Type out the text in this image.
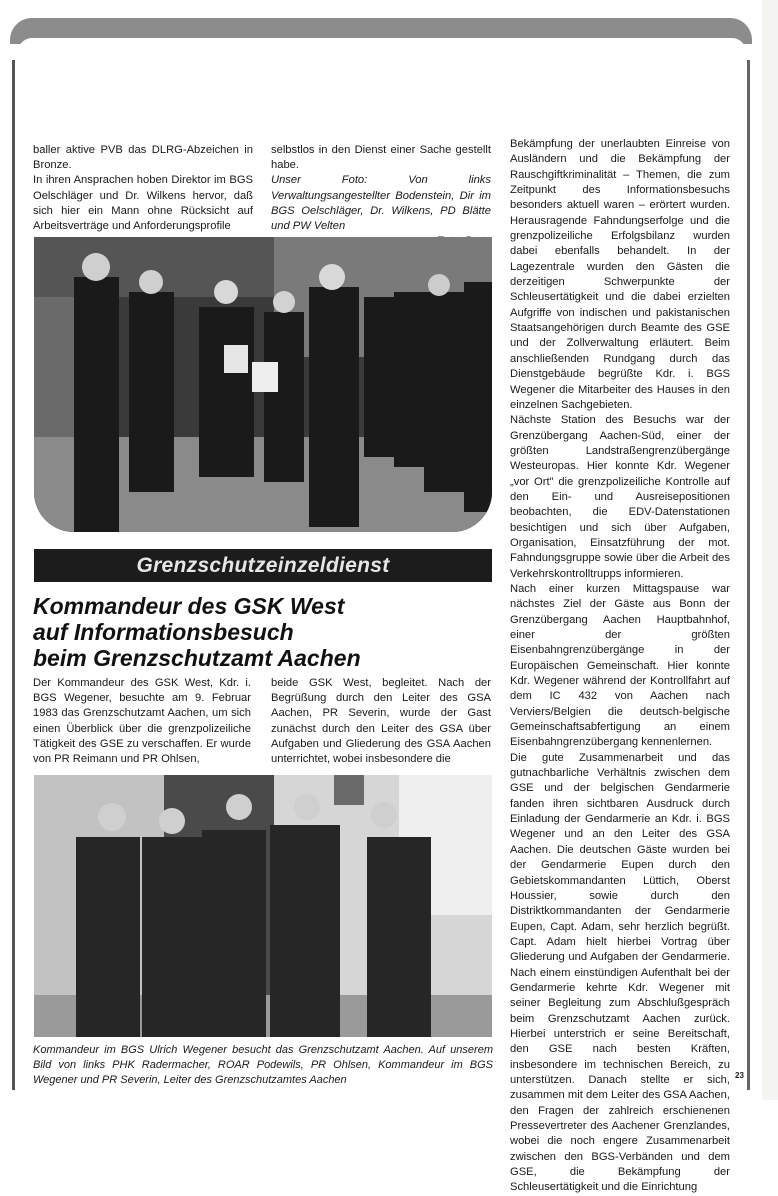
baller aktive PVB das DLRG-Abzeichen in Bronze.

In ihren Ansprachen hoben Direktor im BGS Oelschläger und Dr. Wilkens hervor, daß sich hier ein Mann ohne Rücksicht auf Arbeitsverträge und Anforderungsprofile

selbstlos in den Dienst einer Sache gestellt habe.

Unser Foto: Von links Verwaltungsangestellter Bodenstein, Dir im BGS Oelschläger, Dr. Wilkens, PD Blätte und PW Velten

Grenzschutzeinzeldienst
Kommandeur des GSK West
auf Informationsbesuch
beim Grenzschutzamt Aachen

Der Kommandeur des GSK West, Kdr. i. BGS Wegener, besuchte am 9. Februar 1983 das Grenzschutzamt Aachen, um sich einen Überblick über die grenzpolizeiliche Tätigkeit des GSE zu verschaffen. Er wurde von PR Reimann und PR Ohlsen,

beide GSK West, begleitet. Nach der Begrüßung durch den Leiter des GSA Aachen, PR Severin, wurde der Gast zunächst durch den Leiter des GSA über Aufgaben und Gliederung des GSA Aachen unterrichtet, wobei insbesondere die

Kommandeur im BGS Ulrich Wegener besucht das Grenzschutzamt Aachen. Auf unserem Bild von links PHK Radermacher, ROAR Podewils, PR Ohlsen, Kommandeur im BGS Wegener und PR Severin, Leiter des Grenzschutzamtes Aachen

Bekämpfung der unerlaubten Einreise von Ausländern und die Bekämpfung der Rauschgiftkriminalität – Themen, die zum Zeitpunkt des Informationsbesuchs besonders aktuell waren – erörtert wurden. Herausragende Fahndungserfolge und die grenzpolizeiliche Erfolgsbilanz wurden dabei ebenfalls behandelt. In der Lagezentrale wurden den Gästen die derzeitigen Schwerpunkte der Schleusertätigkeit und die dabei erzielten Aufgriffe von indischen und pakistanischen Staatsangehörigen durch Beamte des GSE und der Zollverwaltung erläutert. Beim anschließenden Rundgang durch das Dienstgebäude begrüßte Kdr. i. BGS Wegener die Mitarbeiter des Hauses in den einzelnen Sachgebieten.

Nächste Station des Besuchs war der Grenzübergang Aachen-Süd, einer der größten Landstraßengrenzübergänge Westeuropas. Hier konnte Kdr. Wegener „vor Ort" die grenzpolizeiliche Kontrolle auf den Ein- und Ausreisepositionen beobachten, die EDV-Datenstationen besichtigen und sich über Aufgaben, Organisation, Einsatzführung der mot. Fahndungsgruppe sowie über die Arbeit des Verkehrskontrolltrupps informieren.

Nach einer kurzen Mittagspause war nächstes Ziel der Gäste aus Bonn der Grenzübergang Aachen Hauptbahnhof, einer der größten Eisenbahngrenzübergänge in der Europäischen Gemeinschaft. Hier konnte Kdr. Wegener während der Kontrollfahrt auf dem IC 432 von Aachen nach Verviers/Belgien die deutsch-belgische Gemeinschaftsabfertigung an einem Eisenbahngrenzübergang kennenlernen.

Die gute Zusammenarbeit und das gutnachbarliche Verhältnis zwischen dem GSE und der belgischen Gendarmerie fanden ihren sichtbaren Ausdruck durch Einladung der Gendarmerie an Kdr. i. BGS Wegener und an den Leiter des GSA Aachen. Die deutschen Gäste wurden bei der Gendarmerie Eupen durch den Gebietskommandanten Lüttich, Oberst Houssier, sowie durch den Distriktkommandanten der Gendarmerie Eupen, Capt. Adam, sehr herzlich begrüßt. Capt. Adam hielt hierbei Vortrag über Gliederung und Aufgaben der Gendarmerie. Nach einem einstündigen Aufenthalt bei der Gendarmerie kehrte Kdr. Wegener mit seiner Begleitung zum Abschlußgespräch beim Grenzschutzamt Aachen zurück. Hierbei unterstrich er seine Bereitschaft, den GSE nach besten Kräften, insbesondere im technischen Bereich, zu unterstützen. Danach stellte er sich, zusammen mit dem Leiter des GSA Aachen, den Fragen der zahlreich erschienenen Pressevertreter des Aachener Grenzlandes, wobei die noch engere Zusammenarbeit zwischen den BGS-Verbänden und dem GSE, die Bekämpfung der Schleusertätigkeit und die Einrichtung

23
